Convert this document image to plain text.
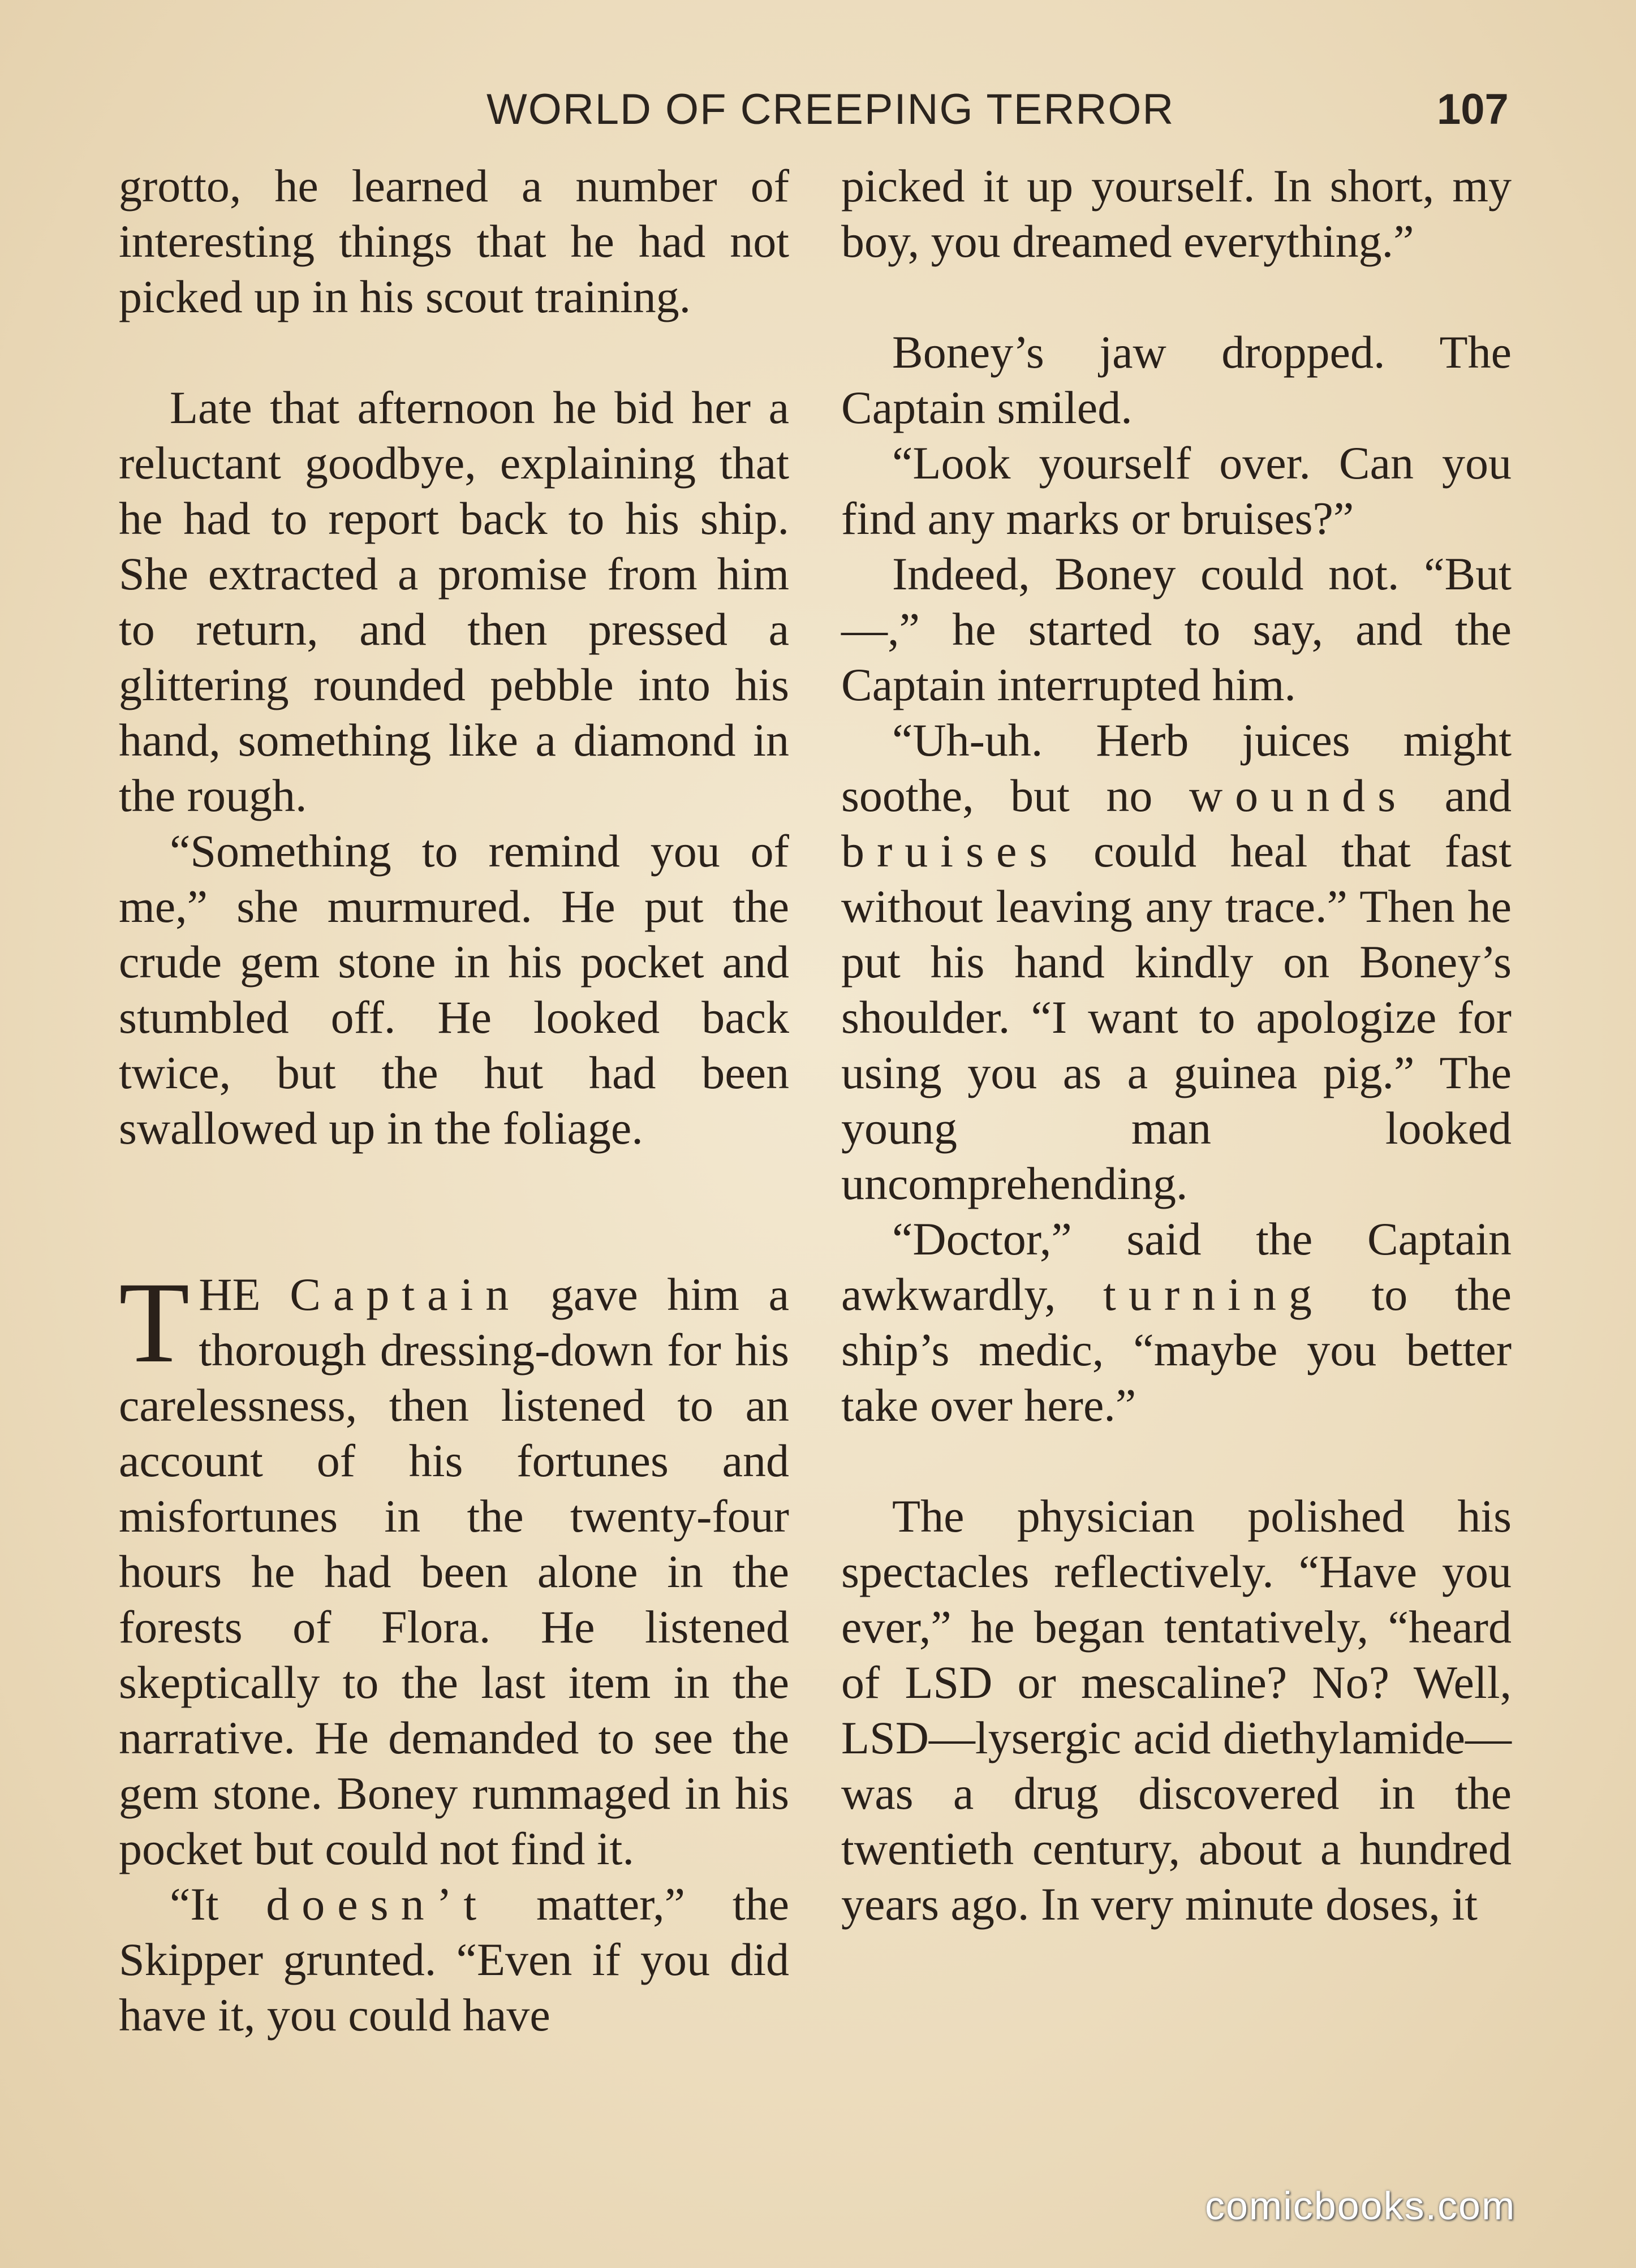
WORLD OF CREEPING TERROR	107

grotto, he learned a number of interesting things that he had not picked up in his scout training.

Late that afternoon he bid her a reluctant goodbye, explaining that he had to report back to his ship. She extracted a promise from him to return, and then pressed a glittering rounded pebble into his hand, something like a diamond in the rough.

“Something to remind you of me,” she murmured. He put the crude gem stone in his pocket and stumbled off. He looked back twice, but the hut had been swallowed up in the foliage.

THE Captain gave him a thorough dressing-down for his carelessness, then listened to an account of his fortunes and misfortunes in the twenty-four hours he had been alone in the forests of Flora. He listened skeptically to the last item in the narrative. He demanded to see the gem stone. Boney rummaged in his pocket but could not find it.

“It doesn’t matter,” the Skipper grunted. “Even if you did have it, you could have

picked it up yourself. In short, my boy, you dreamed everything.”

Boney’s jaw dropped. The Captain smiled.

“Look yourself over. Can you find any marks or bruises?”

Indeed, Boney could not. “But—,” he started to say, and the Captain interrupted him.

“Uh-uh. Herb juices might soothe, but no wounds and bruises could heal that fast without leaving any trace.” Then he put his hand kindly on Boney’s shoulder. “I want to apologize for using you as a guinea pig.” The young man looked uncomprehending.

“Doctor,” said the Captain awkwardly, turning to the ship’s medic, “maybe you better take over here.”

The physician polished his spectacles reflectively. “Have you ever,” he began tentatively, “heard of LSD or mescaline? No? Well, LSD—lysergic acid diethylamide—was a drug discovered in the twentieth century, about a hundred years ago. In very minute doses, it

comicbooks.com
